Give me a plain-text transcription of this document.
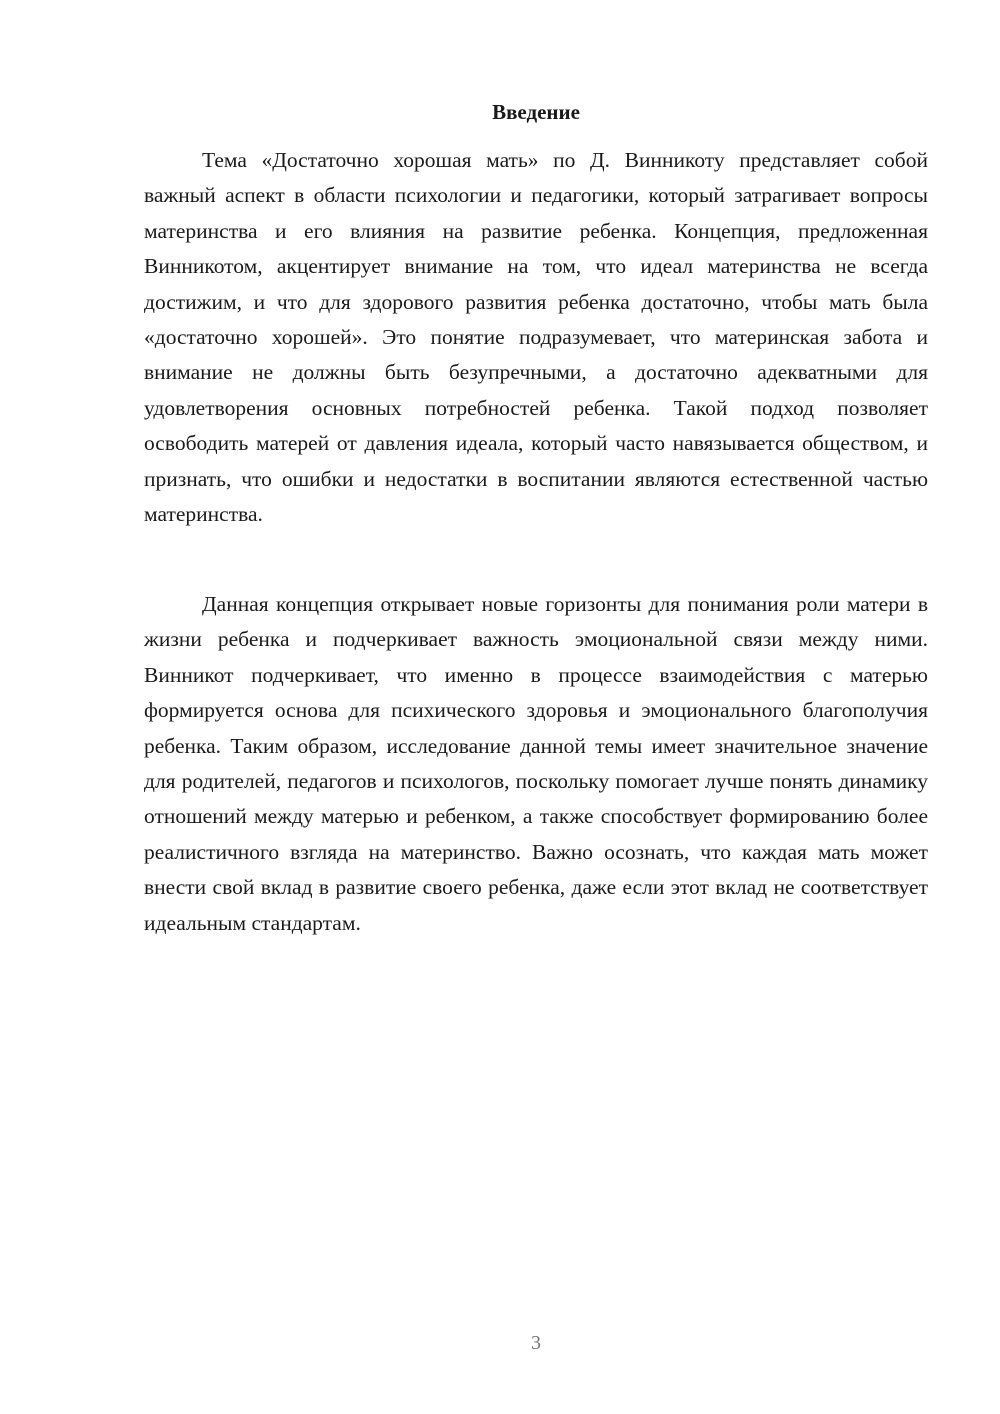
Введение

Тема «Достаточно хорошая мать» по Д. Винникоту представляет собой важный аспект в области психологии и педагогики, который затрагивает вопросы материнства и его влияния на развитие ребенка. Концепция, предложенная Винникотом, акцентирует внимание на том, что идеал материнства не всегда достижим, и что для здорового развития ребенка достаточно, чтобы мать была «достаточно хорошей». Это понятие подразумевает, что материнская забота и внимание не должны быть безупречными, а достаточно адекватными для удовлетворения основных потребностей ребенка. Такой подход позволяет освободить матерей от давления идеала, который часто навязывается обществом, и признать, что ошибки и недостатки в воспитании являются естественной частью материнства.

Данная концепция открывает новые горизонты для понимания роли матери в жизни ребенка и подчеркивает важность эмоциональной связи между ними. Винникот подчеркивает, что именно в процессе взаимодействия с матерью формируется основа для психического здоровья и эмоционального благополучия ребенка. Таким образом, исследование данной темы имеет значительное значение для родителей, педагогов и психологов, поскольку помогает лучше понять динамику отношений между матерью и ребенком, а также способствует формированию более реалистичного взгляда на материнство. Важно осознать, что каждая мать может внести свой вклад в развитие своего ребенка, даже если этот вклад не соответствует идеальным стандартам.

3
